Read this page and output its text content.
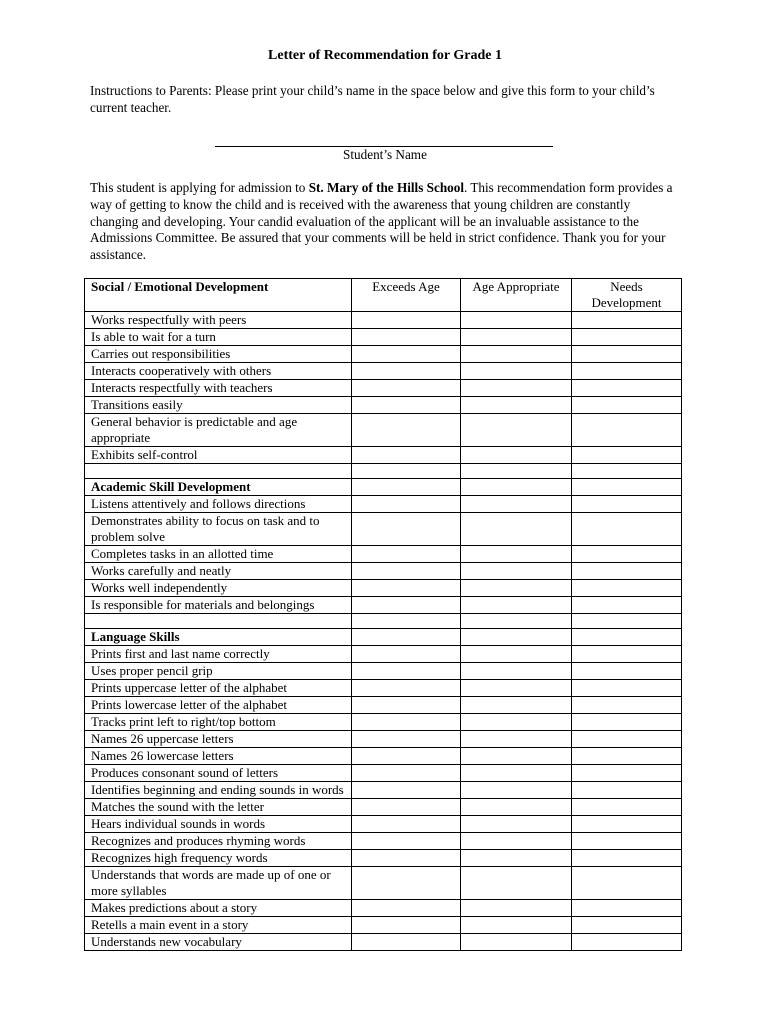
Letter of Recommendation for Grade 1
Instructions to Parents: Please print your child’s name in the space below and give this form to your child’s current teacher.
Student’s Name
This student is applying for admission to St. Mary of the Hills School. This recommendation form provides a way of getting to know the child and is received with the awareness that young children are constantly changing and developing. Your candid evaluation of the applicant will be an invaluable assistance to the Admissions Committee. Be assured that your comments will be held in strict confidence. Thank you for your assistance.
Social / Emotional Development	Exceeds Age	Age Appropriate	Needs Development
Works respectfully with peers			
Is able to wait for a turn			
Carries out responsibilities			
Interacts cooperatively with others			
Interacts respectfully with teachers			
Transitions easily			
General behavior is predictable and age appropriate			
Exhibits self-control			

Academic Skill Development			
Listens attentively and follows directions			
Demonstrates ability to focus on task and to problem solve			
Completes tasks in an allotted time			
Works carefully and neatly			
Works well independently			
Is responsible for materials and belongings			

Language Skills			
Prints first and last name correctly			
Uses proper pencil grip			
Prints uppercase letter of the alphabet			
Prints lowercase letter of the alphabet			
Tracks print left to right/top bottom			
Names 26 uppercase letters			
Names 26 lowercase letters			
Produces consonant sound of letters			
Identifies beginning and ending sounds in words			
Matches the sound with the letter			
Hears individual sounds in words			
Recognizes and produces rhyming words			
Recognizes high frequency words			
Understands that words are made up of one or more syllables			
Makes predictions about a story			
Retells a main event in a story			
Understands new vocabulary			
